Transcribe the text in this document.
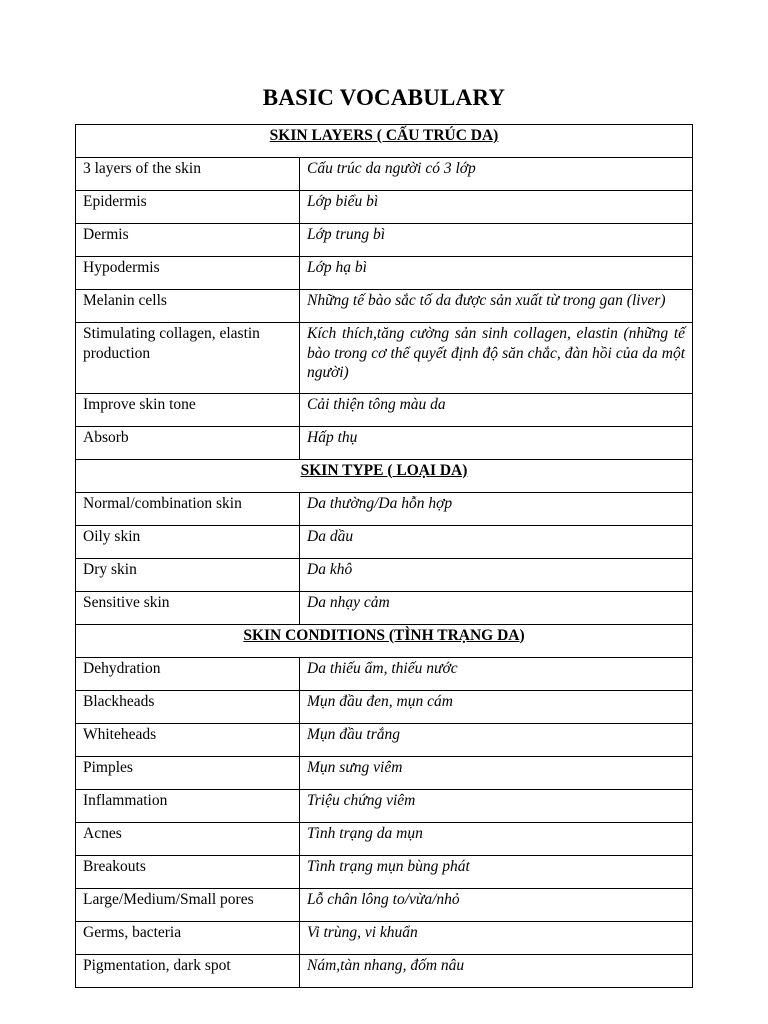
BASIC VOCABULARY
SKIN LAYERS ( CẤU TRÚC DA)	
3 layers of the skin	Cấu trúc da người có 3 lớp
Epidermis	Lớp biểu bì
Dermis	Lớp trung bì
Hypodermis	Lớp hạ bì
Melanin cells	Những tế bào sắc tố da được sản xuất từ trong gan (liver)
Stimulating collagen, elastin production	Kích thích,tăng cường sản sinh collagen, elastin (những tế bào trong cơ thể quyết định độ săn chắc, đàn hồi của da một người)
Improve skin tone	Cải thiện tông màu da
Absorb	Hấp thụ
SKIN TYPE ( LOẠI DA)	
Normal/combination skin	Da thường/Da hỗn hợp
Oily skin	Da dầu
Dry skin	Da khô
Sensitive skin	Da nhạy cảm
SKIN CONDITIONS (TÌNH TRẠNG DA)	
Dehydration	Da thiếu ẩm, thiếu nước
Blackheads	Mụn đầu đen, mụn cám
Whiteheads	Mụn đầu trắng
Pimples	Mụn sưng viêm
Inflammation	Triệu chứng viêm
Acnes	Tình trạng da mụn
Breakouts	Tình trạng mụn bùng phát
Large/Medium/Small pores	Lỗ chân lông to/vừa/nhỏ
Germs, bacteria	Vi trùng, vi khuẩn
Pigmentation, dark spot	Nám,tàn nhang, đốm nâu
